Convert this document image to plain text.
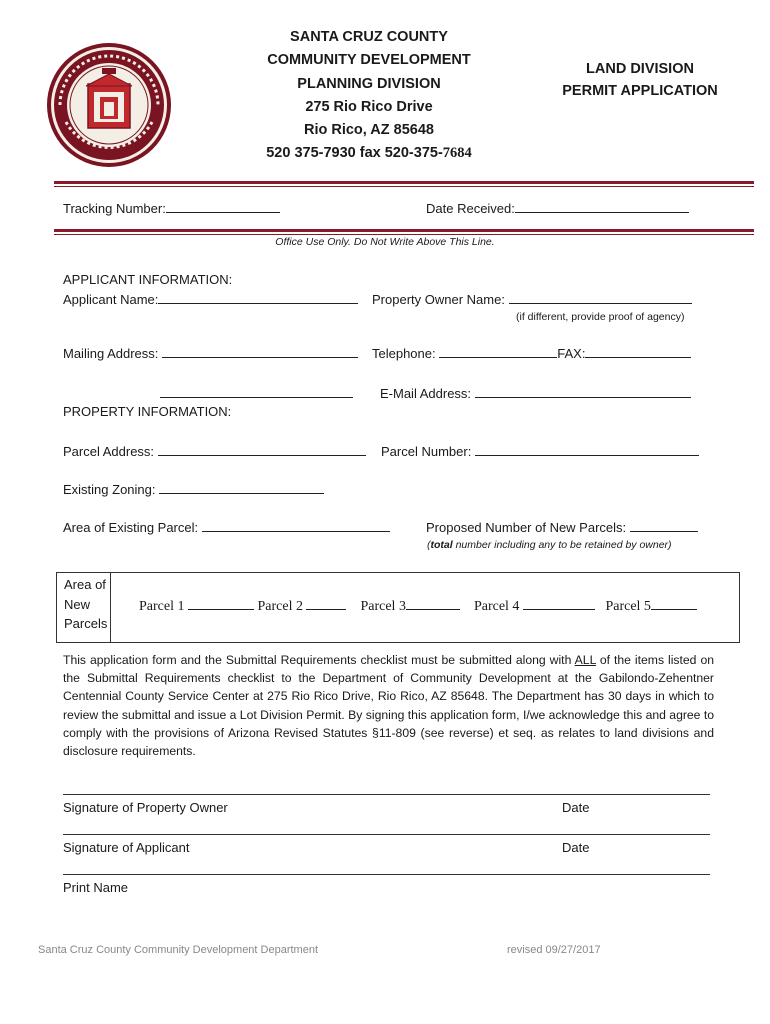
SANTA CRUZ COUNTY
COMMUNITY DEVELOPMENT
PLANNING DIVISION
275 Rio Rico Drive
Rio Rico, AZ 85648
520 375-7930 fax 520-375-7684
LAND DIVISION
PERMIT APPLICATION
Tracking Number:	Date Received:
Office Use Only. Do Not Write Above This Line.
APPLICANT INFORMATION:
Applicant Name:	Property Owner Name:
(if different, provide proof of agency)
Mailing Address:	Telephone:	FAX:
E-Mail Address:
PROPERTY INFORMATION:
Parcel Address:	Parcel Number:
Existing Zoning:
Area of Existing Parcel:	Proposed Number of New Parcels:
(total number including any to be retained by owner)
Area of
New
Parcels
Parcel 1	Parcel 2	Parcel 3	Parcel 4	Parcel 5
This application form and the Submittal Requirements checklist must be submitted along with ALL of the items listed on the Submittal Requirements checklist to the Department of Community Development at the Gabilondo-Zehentner Centennial County Service Center at 275 Rio Rico Drive, Rio Rico, AZ 85648. The Department has 30 days in which to review the submittal and issue a Lot Division Permit. By signing this application form, I/we acknowledge this and agree to comply with the provisions of Arizona Revised Statutes §11-809 (see reverse) et seq. as relates to land divisions and disclosure requirements.
Signature of Property Owner	Date
Signature of Applicant	Date
Print Name
Santa Cruz County Community Development Department	revised 09/27/2017
